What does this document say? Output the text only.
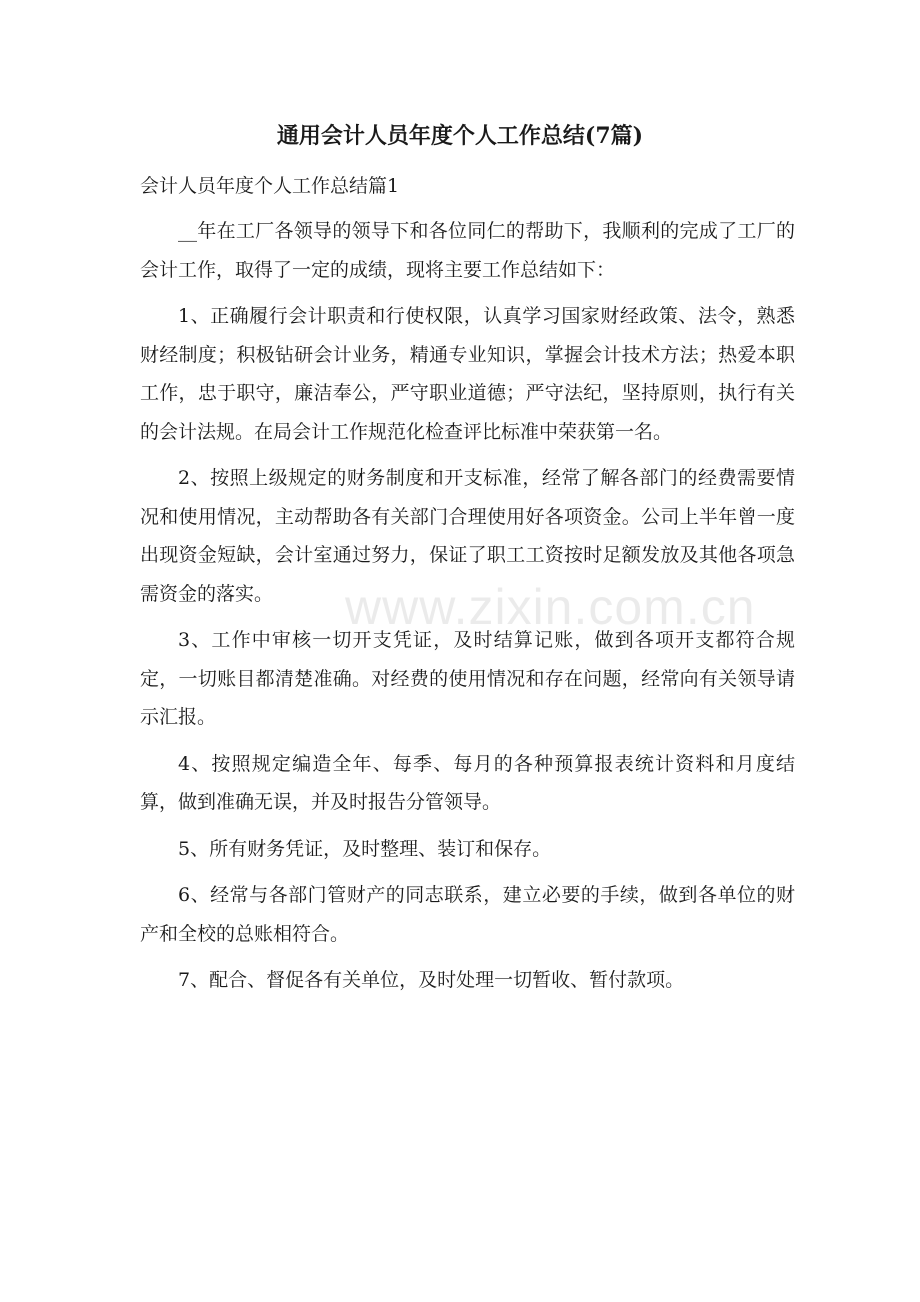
www.zixin.com.cn
通用会计人员年度个人工作总结(7篇)
会计人员年度个人工作总结篇1

__年在工厂各领导的领导下和各位同仁的帮助下，我顺利的完成了工厂的会计工作，取得了一定的成绩，现将主要工作总结如下：

1、正确履行会计职责和行使权限，认真学习国家财经政策、法令，熟悉财经制度；积极钻研会计业务，精通专业知识，掌握会计技术方法；热爱本职工作，忠于职守，廉洁奉公，严守职业道德；严守法纪，坚持原则，执行有关的会计法规。在局会计工作规范化检查评比标准中荣获第一名。

2、按照上级规定的财务制度和开支标准，经常了解各部门的经费需要情况和使用情况，主动帮助各有关部门合理使用好各项资金。公司上半年曾一度出现资金短缺，会计室通过努力，保证了职工工资按时足额发放及其他各项急需资金的落实。

3、工作中审核一切开支凭证，及时结算记账，做到各项开支都符合规定，一切账目都清楚准确。对经费的使用情况和存在问题，经常向有关领导请示汇报。

4、按照规定编造全年、每季、每月的各种预算报表统计资料和月度结算，做到准确无误，并及时报告分管领导。

5、所有财务凭证，及时整理、装订和保存。

6、经常与各部门管财产的同志联系，建立必要的手续，做到各单位的财产和全校的总账相符合。

7、配合、督促各有关单位，及时处理一切暂收、暂付款项。
